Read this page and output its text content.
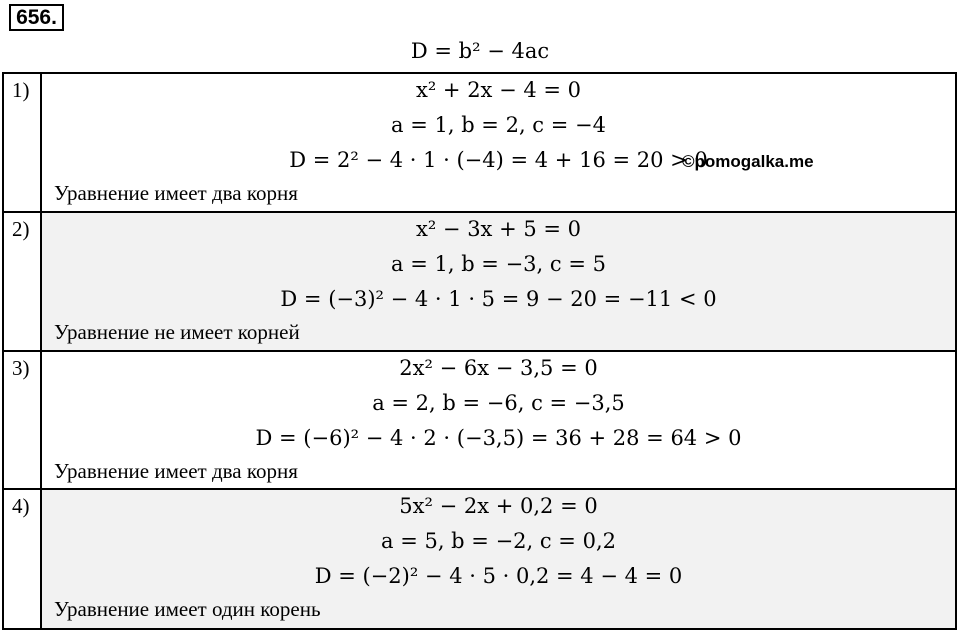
656.
D = b² − 4ac
1)	x² + 2x − 4 = 0
a = 1, b = 2, c = −4
D = 2² − 4 · 1 · (−4) = 4 + 16 = 20 > 0
Уравнение имеет два корня
©pomogalka.me
2)	x² − 3x + 5 = 0
a = 1, b = −3, c = 5
D = (−3)² − 4 · 1 · 5 = 9 − 20 = −11 < 0
Уравнение не имеет корней
3)	2x² − 6x − 3,5 = 0
a = 2, b = −6, c = −3,5
D = (−6)² − 4 · 2 · (−3,5) = 36 + 28 = 64 > 0
Уравнение имеет два корня
4)	5x² − 2x + 0,2 = 0
a = 5, b = −2, c = 0,2
D = (−2)² − 4 · 5 · 0,2 = 4 − 4 = 0
Уравнение имеет один корень
